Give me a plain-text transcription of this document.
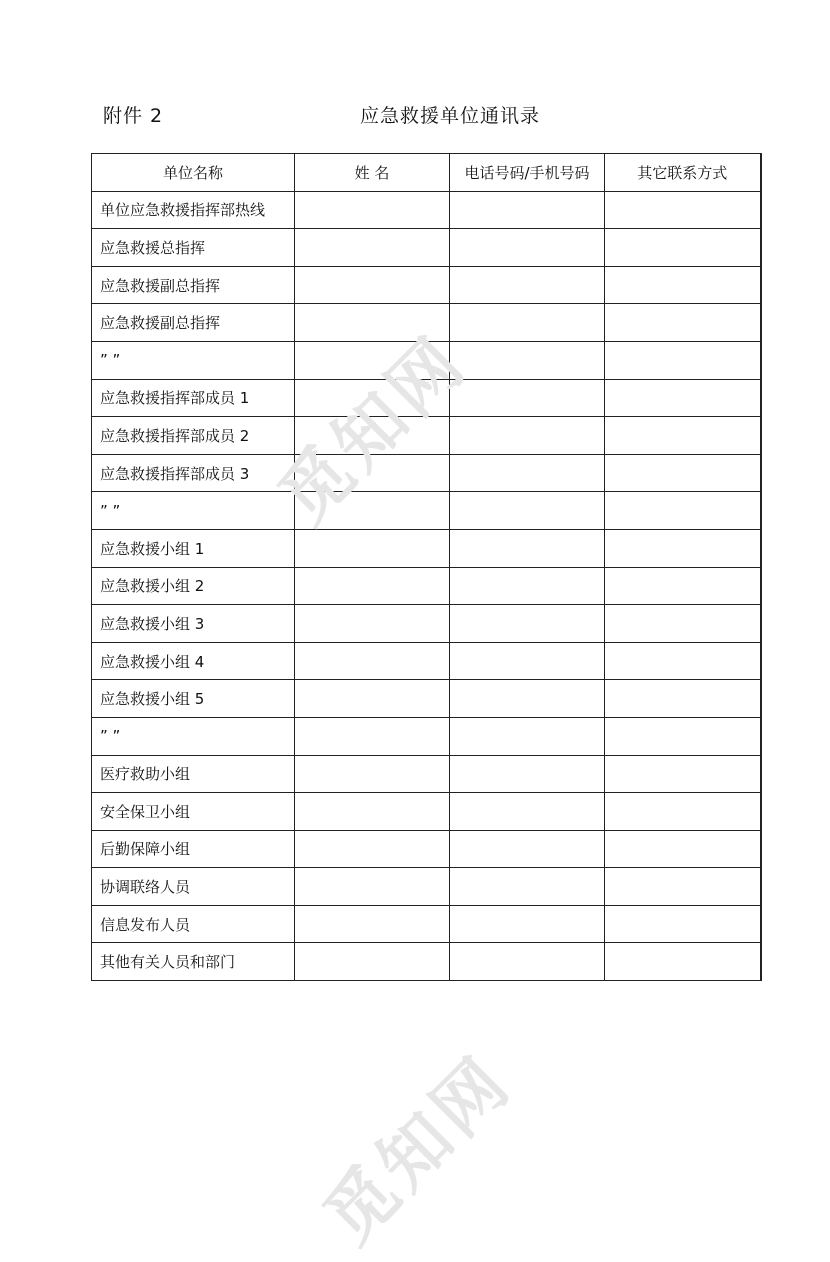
附件 2	应急救援单位通讯录
单位名称	姓 名	电话号码/手机号码	其它联系方式
单位应急救援指挥部热线			
应急救援总指挥			
应急救援副总指挥			
应急救援副总指挥			
” ”			
应急救援指挥部成员 1			
应急救援指挥部成员 2			
应急救援指挥部成员 3			
” ”			
应急救援小组 1			
应急救援小组 2			
应急救援小组 3			
应急救援小组 4			
应急救援小组 5			
” ”			
医疗救助小组			
安全保卫小组			
后勤保障小组			
协调联络人员			
信息发布人员			
其他有关人员和部门			
觅知网
觅知网
